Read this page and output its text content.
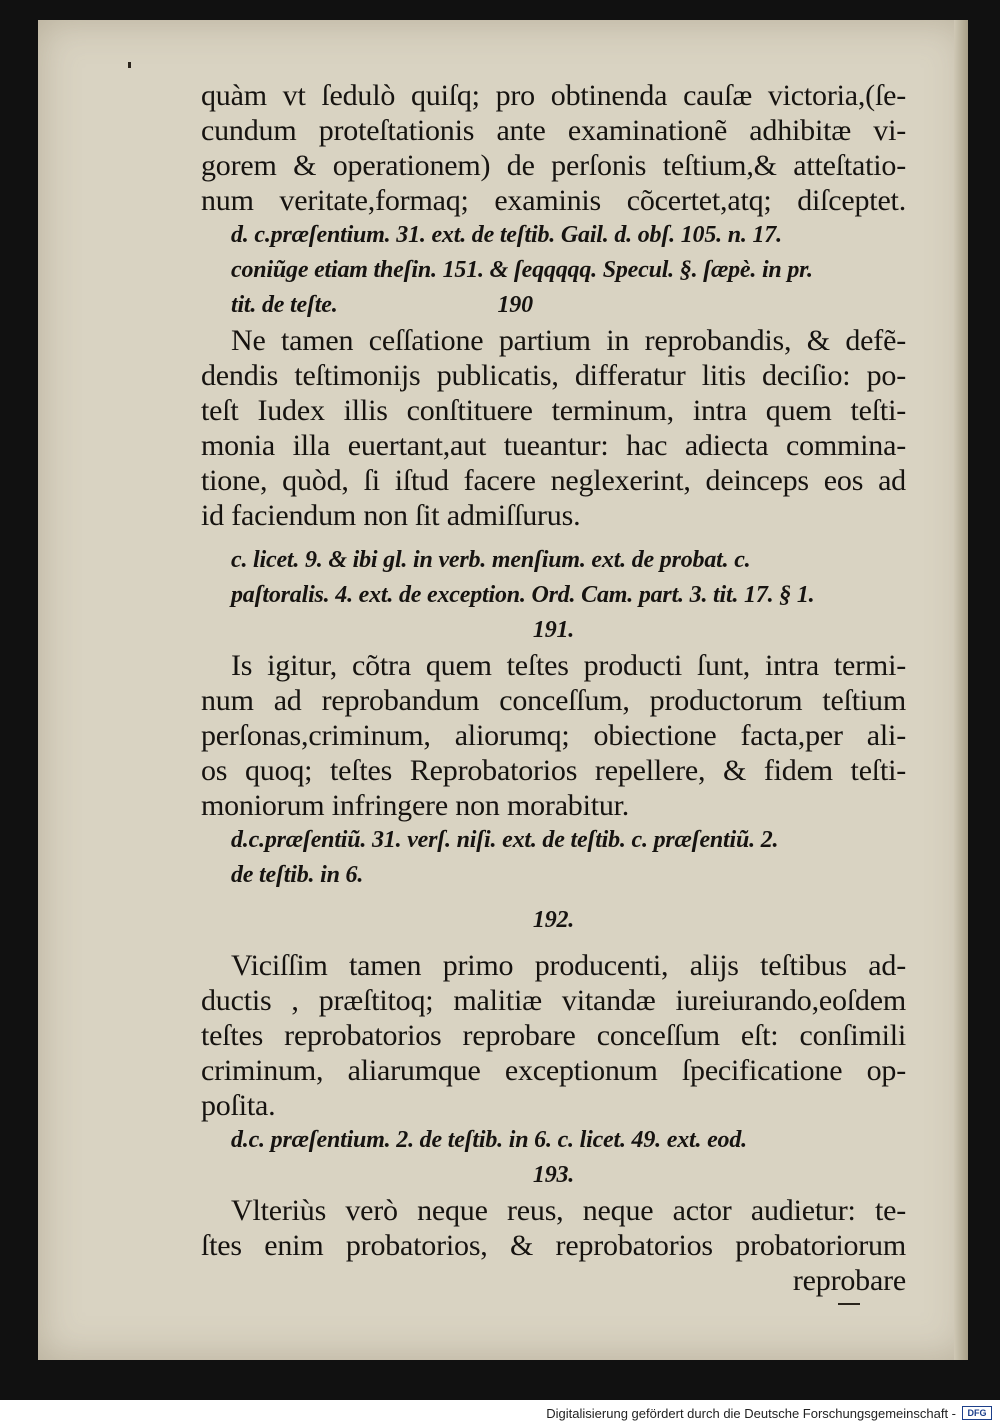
quàm vt ſedulò quiſq; pro obtinenda cauſæ victoria,(ſe-
cundum proteſtationis ante examinationẽ adhibitæ vi-
gorem & operationem) de perſonis teſtium,& atteſtatio-
num veritate,formaq; examinis cõcertet,atq; diſceptet.
d. c.præſentium. 31. ext. de teſtib. Gail. d. obſ. 105. n. 17.
coniũge etiam theſin. 151. & ſeqqqqq. Specul. §. ſæpè. in pr.
tit. de teſte.	190
Ne tamen ceſſatione partium in reprobandis, & defẽ-
dendis teſtimonijs publicatis, differatur litis deciſio: po-
teſt Iudex illis conſtituere terminum, intra quem teſti-
monia illa euertant,aut tueantur: hac adiecta commina-
tione, quòd, ſi iſtud facere neglexerint, deinceps eos ad
id faciendum non ſit admiſſurus.
c. licet. 9. & ibi gl. in verb. menſium. ext. de probat. c.
paſtoralis. 4. ext. de exception. Ord. Cam. part. 3. tit. 17. § 1.
191.
Is igitur, cõtra quem teſtes producti ſunt, intra termi-
num ad reprobandum conceſſum, productorum teſtium
perſonas,criminum, aliorumq; obiectione facta,per ali-
os quoq; teſtes Reprobatorios repellere, & fidem teſti-
moniorum infringere non morabitur.
d.c.præſentiũ. 31. verſ. niſi. ext. de teſtib. c. præſentiũ. 2.
de teſtib. in 6.
192.
Viciſſim tamen primo producenti, alijs teſtibus ad-
ductis , præſtitoq; malitiæ vitandæ iureiurando,eoſdem
teſtes reprobatorios reprobare conceſſum eſt: conſimili
criminum, aliarumque exceptionum ſpecificatione op-
poſita.
d.c. præſentium. 2. de teſtib. in 6. c. licet. 49. ext. eod.
193.
Vlteriùs verò neque reus, neque actor audietur: te-
ſtes enim probatorios, & reprobatorios probatoriorum
reprobare
Digitalisierung gefördert durch die Deutsche Forschungsgemeinschaft -	DFG
